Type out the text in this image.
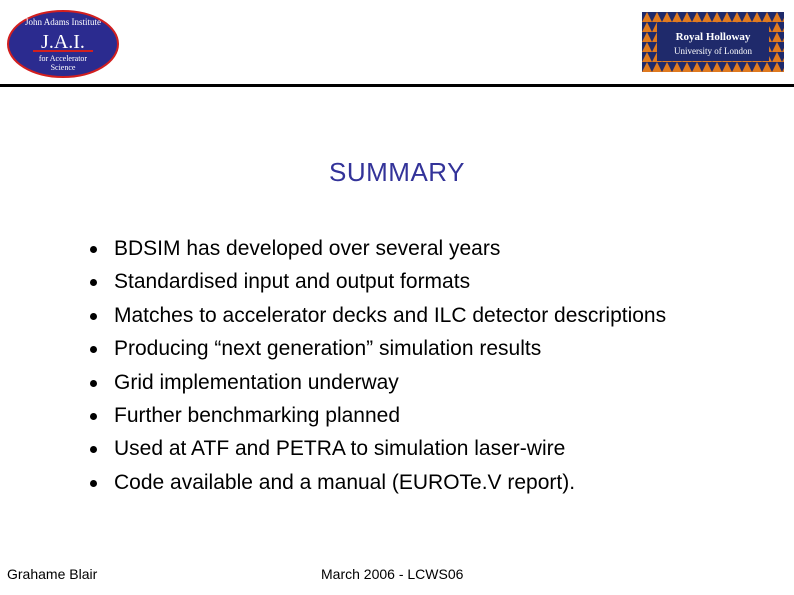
John Adams Institute
J.A.I.
for Accelerator
Science
Royal Holloway
University of London
SUMMARY
BDSIM has developed over several years
Standardised input and output formats
Matches to accelerator decks and ILC detector descriptions
Producing “next generation” simulation results
Grid implementation underway
Further benchmarking planned
Used at ATF and PETRA to simulation laser-wire
Code available and a manual (EUROTe.V report).
Grahame Blair	March 2006 - LCWS06
